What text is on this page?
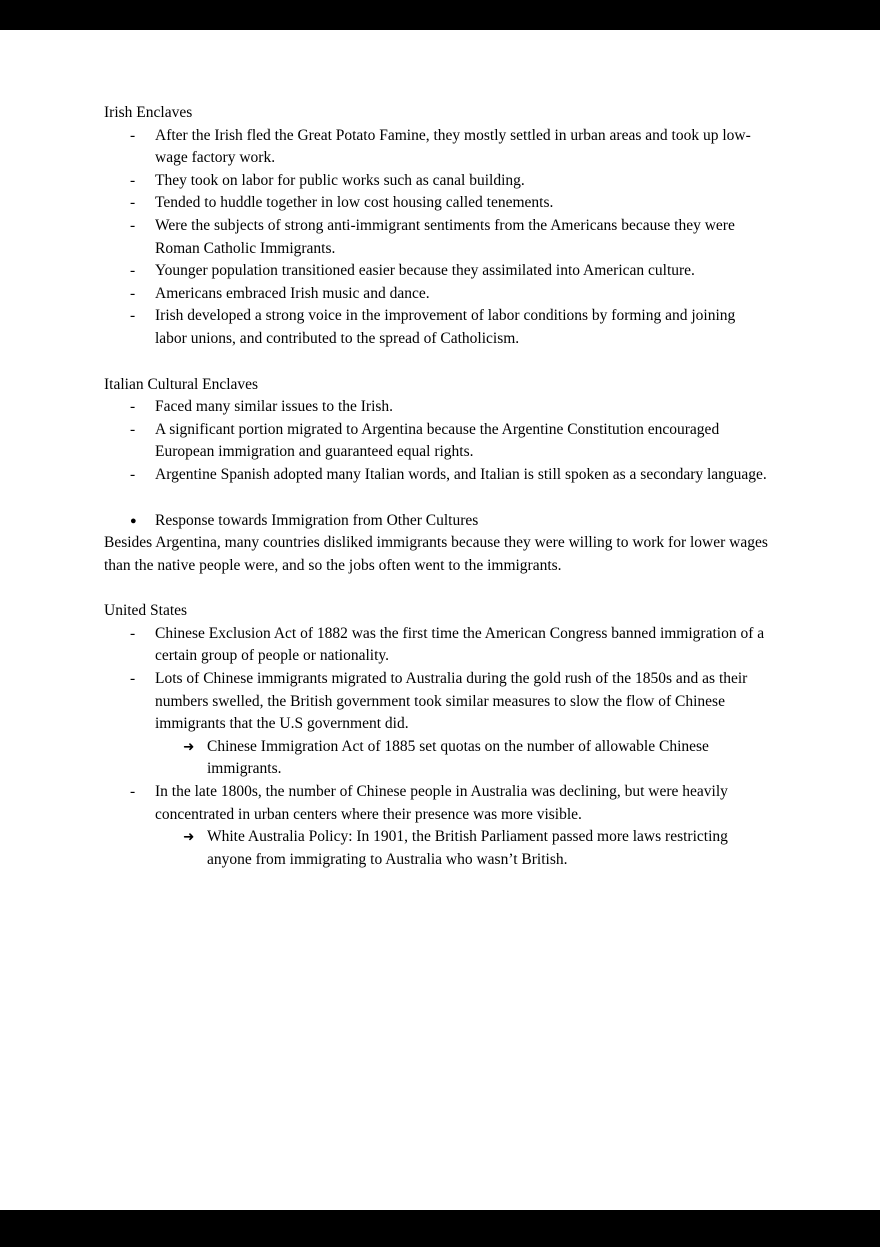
Irish Enclaves

-	After the Irish fled the Great Potato Famine, they mostly settled in urban areas and took up low-wage factory work.
-	They took on labor for public works such as canal building.
-	Tended to huddle together in low cost housing called tenements.
-	Were the subjects of strong anti-immigrant sentiments from the Americans because they were Roman Catholic Immigrants.
-	Younger population transitioned easier because they assimilated into American culture.
-	Americans embraced Irish music and dance.
-	Irish developed a strong voice in the improvement of labor conditions by forming and joining labor unions, and contributed to the spread of Catholicism.

Italian Cultural Enclaves

-	Faced many similar issues to the Irish.
-	A significant portion migrated to Argentina because the Argentine Constitution encouraged European immigration and guaranteed equal rights.
-	Argentine Spanish adopted many Italian words, and Italian is still spoken as a secondary language.
●	Response towards Immigration from Other Cultures

Besides Argentina, many countries disliked immigrants because they were willing to work for lower wages than the native people were, and so the jobs often went to the immigrants.

United States

-	Chinese Exclusion Act of 1882 was the first time the American Congress banned immigration of a certain group of people or nationality.
-	Lots of Chinese immigrants migrated to Australia during the gold rush of the 1850s and as their numbers swelled, the British government took similar measures to slow the flow of Chinese immigrants that the U.S government did.
➜ Chinese Immigration Act of 1885 set quotas on the number of allowable Chinese immigrants.
-	In the late 1800s, the number of Chinese people in Australia was declining, but were heavily concentrated in urban centers where their presence was more visible.
➜ White Australia Policy: In 1901, the British Parliament passed more laws restricting anyone from immigrating to Australia who wasn’t British.
